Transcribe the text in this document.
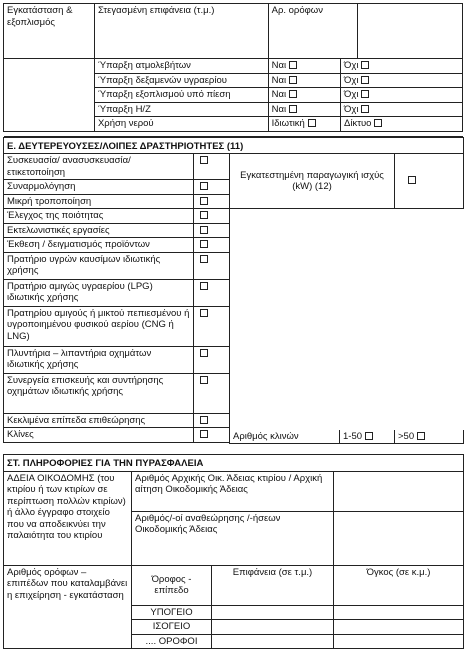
Εγκατάσταση & εξοπλισμός	Στεγασμένη επιφάνεια (τ.μ.)	Αρ. ορόφων		
	Ύπαρξη ατμολεβήτων	Ναι	Όχι	
	Ύπαρξη δεξαμενών υγραερίου	Ναι	Όχι	
	Ύπαρξη εξοπλισμού υπό πίεση	Ναι	Όχι	
	Ύπαρξη Η/Ζ	Ναι	Όχι	
	Χρήση νερού	Ιδιωτική	Δίκτυο	

Ε. ΔΕΥΤΕΡΕΥΟΥΣΕΣ/ΛΟΙΠΕΣ ΔΡΑΣΤΗΡΙΟΤΗΤΕΣ (11)			
Συσκευασία/ ανασυσκευασία/ ετικετοποίηση		Εγκατεστημένη παραγωγική ισχύς (kW) (12)	
Συναρμολόγηση			
Μικρή τροποποίηση			
Έλεγχος της ποιότητας			
Εκτελωνιστικές εργασίες			
Έκθεση / δειγματισμός προϊόντων			
Πρατήριο υγρών καυσίμων ιδιωτικής χρήσης			
Πρατήριο αμιγώς υγραερίου (LPG) ιδιωτικής χρήσης			
Πρατηρίου αμιγούς ή μικτού πεπιεσμένου ή υγροποιημένου φυσικού αερίου (CNG ή LNG)			
Πλυντήρια – λιπαντήρια οχημάτων ιδιωτικής χρήσης			
Συνεργεία επισκευής και συντήρησης οχημάτων ιδιωτικής χρήσης			
Κεκλιμένα επίπεδα επιθεώρησης			
Κλίνες				Αριθμός κλινών	1-50	>50
ΣΤ. ΠΛΗΡΟΦΟΡΙΕΣ ΓΙΑ ΤΗΝ ΠΥΡΑΣΦΑΛΕΙΑ			
ΑΔΕΙΑ ΟΙΚΟΔΟΜΗΣ (του κτιρίου ή των κτιρίων σε περίπτωση πολλών κτιρίων) ή άλλο έγγραφο στοιχείο που να αποδεικνύει την παλαιότητα του κτιρίου	Αριθμός Αρχικής Οικ. Άδειας κτιρίου / Αρχική αίτηση Οικοδομικής Άδειας		
	Αριθμός/-οί αναθεώρησης /-ήσεων Οικοδομικής Άδειας		
Αριθμός ορόφων – επιπέδων που καταλαμβάνει η επιχείρηση - εγκατάσταση	Όροφος - επίπεδο	Επιφάνεια (σε τ.μ.)	Όγκος (σε κ.μ.)
	ΥΠΟΓΕΙΟ		
	ΙΣΟΓΕΙΟ		
	.... ΟΡΟΦΟΙ		
